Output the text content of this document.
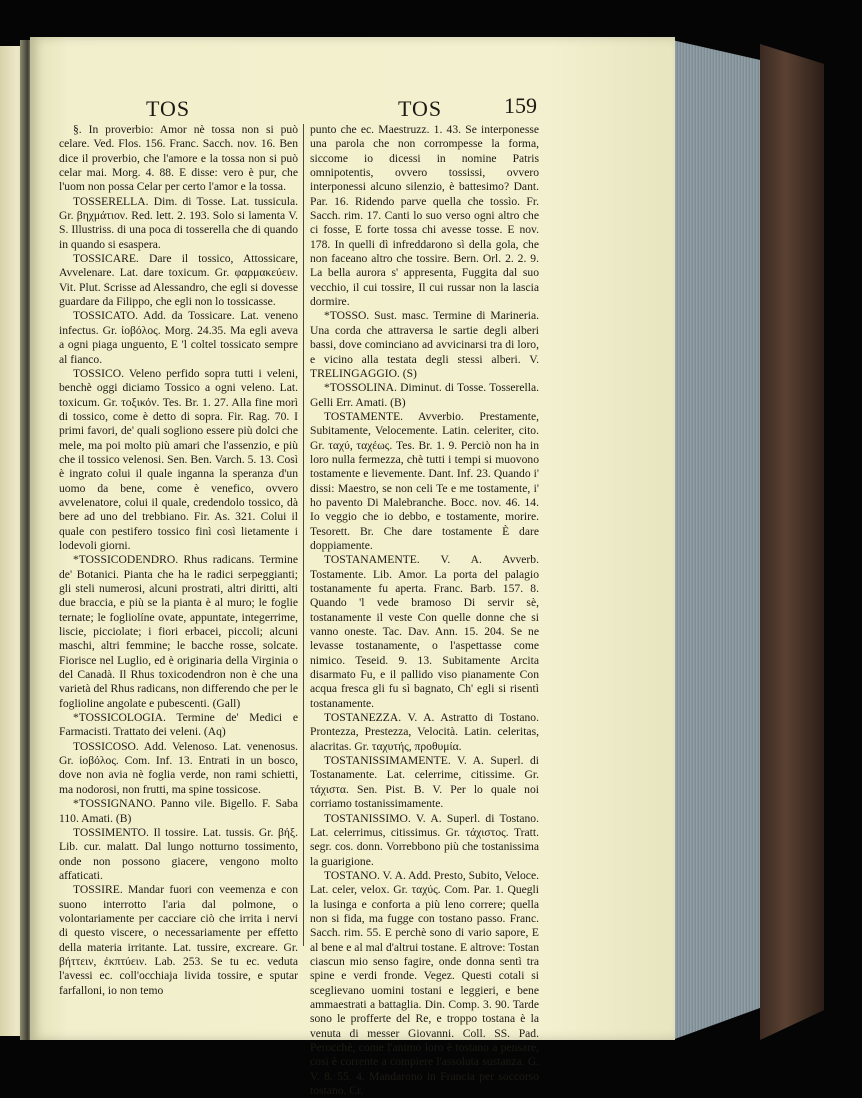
TOS	TOS	159

§. In proverbio: Amor nè tossa non si può celare. Ved. Flos. 156. Franc. Sacch. nov. 16. Ben dice il proverbio, che l'amore e la tossa non si può celar mai. Morg. 4. 88. E disse: vero è pur, che l'uom non possa Celar per certo l'amor e la tossa.

TOSSERELLA. Dim. di Tosse. Lat. tussicula. Gr. βηχμάτιον. Red. lett. 2. 193. Solo si lamenta V. S. Illustriss. di una poca di tosserella che di quando in quando si esaspera.

TOSSICARE. Dare il tossico, Attossicare, Avvelenare. Lat. dare toxicum. Gr. φαρμακεύειν. Vit. Plut. Scrisse ad Alessandro, che egli si dovesse guardare da Filippo, che egli non lo tossicasse.

TOSSICATO. Add. da Tossicare. Lat. veneno infectus. Gr. ἰοβόλος. Morg. 24.35. Ma egli aveva a ogni piaga unguento, E 'l coltel tossicato sempre al fianco.

TOSSICO. Veleno perfido sopra tutti i veleni, benchè oggi diciamo Tossico a ogni veleno. Lat. toxicum. Gr. τοξικόν. Tes. Br. 1. 27. Alla fine morì di tossico, come è detto di sopra. Fir. Rag. 70. I primi favori, de' quali sogliono essere più dolci che mele, ma poi molto più amari che l'assenzio, e più che il tossico velenosi. Sen. Ben. Varch. 5. 13. Così è ingrato colui il quale inganna la speranza d'un uomo da bene, come è venefico, ovvero avvelenatore, colui il quale, credendolo tossico, dà bere ad uno del trebbiano. Fir. As. 321. Colui il quale con pestifero tossico finì così lietamente i lodevoli giorni.

*TOSSICODENDRO. Rhus radicans. Termine de' Botanici. Pianta che ha le radici serpeggianti; gli steli numerosi, alcuni prostrati, altri diritti, alti due braccia, e più se la pianta è al muro; le foglie ternate; le fogliolíne ovate, appuntate, integerrime, liscie, picciolate; i fiori erbacei, piccoli; alcuni maschi, altri femmine; le bacche rosse, solcate. Fiorisce nel Luglio, ed è originaria della Virginia o del Canadà. Il Rhus toxicodendron non è che una varietà del Rhus radicans, non differendo che per le foglioline angolate e pubescenti. (Gall)

*TOSSICOLOGIA. Termine de' Medici e Farmacisti. Trattato dei veleni. (Aq)

TOSSICOSO. Add. Velenoso. Lat. venenosus. Gr. ἰοβόλος. Com. Inf. 13. Entrati in un bosco, dove non avia nè foglia verde, non rami schietti, ma nodorosi, non frutti, ma spine tossicose.

*TOSSIGNANO. Panno vile. Bigello. F. Saba 110. Amati. (B)

TOSSIMENTO. Il tossire. Lat. tussis. Gr. βήξ. Lib. cur. malatt. Dal lungo notturno tossimento, onde non possono giacere, vengono molto affaticati.

TOSSIRE. Mandar fuori con veemenza e con suono interrotto l'aria dal polmone, o volontariamente per cacciare ciò che irrita i nervi di questo viscere, o necessariamente per effetto della materia irritante. Lat. tussire, excreare. Gr. βήττειν, ἐκπτύειν. Lab. 253. Se tu ec. veduta l'avessi ec. coll'occhiaja livida tossire, e sputar farfalloni, io non temo

punto che ec. Maestruzz. 1. 43. Se interponesse una parola che non corrompesse la forma, siccome io dicessi in nomine Patris omnipotentis, ovvero tossissi, ovvero interponessi alcuno silenzio, è battesimo? Dant. Par. 16. Ridendo parve quella che tossìo. Fr. Sacch. rim. 17. Canti lo suo verso ogni altro che ci fosse, E forte tossa chi avesse tosse. E nov. 178. In quelli dì infreddarono sì della gola, che non faceano altro che tossire. Bern. Orl. 2. 2. 9. La bella aurora s' appresenta, Fuggita dal suo vecchio, il cui tossire, Il cui russar non la lascia dormire.

*TOSSO. Sust. masc. Termine di Marineria. Una corda che attraversa le sartie degli alberi bassi, dove cominciano ad avvicinarsi tra di loro, e vicino alla testata degli stessi alberi. V. TRELINGAGGIO. (S)

*TOSSOLINA. Diminut. di Tosse. Tosserella. Gelli Err. Amati. (B)

TOSTAMENTE. Avverbio. Prestamente, Subitamente, Velocemente. Latin. celeriter, cito. Gr. ταχύ, ταχέως. Tes. Br. 1. 9. Perciò non ha in loro nulla fermezza, chè tutti i tempi si muovono tostamente e lievemente. Dant. Inf. 23. Quando i' dissi: Maestro, se non celi Te e me tostamente, i' ho pavento Di Malebranche. Bocc. nov. 46. 14. Io veggio che io debbo, e tostamente, morire. Tesorett. Br. Che dare tostamente È dare doppiamente.

TOSTANAMENTE. V. A. Avverb. Tostamente. Lib. Amor. La porta del palagio tostanamente fu aperta. Franc. Barb. 157. 8. Quando 'l vede bramoso Di servir sè, tostanamente il veste Con quelle donne che si vanno oneste. Tac. Dav. Ann. 15. 204. Se ne levasse tostanamente, o l'aspettasse come nimico. Teseid. 9. 13. Subitamente Arcita disarmato Fu, e il pallido viso pianamente Con acqua fresca gli fu sì bagnato, Ch' egli si risentì tostanamente.

TOSTANEZZA. V. A. Astratto di Tostano. Prontezza, Prestezza, Velocità. Latin. celeritas, alacritas. Gr. ταχυτής, προθυμία.

TOSTANISSIMAMENTE. V. A. Superl. di Tostanamente. Lat. celerrime, citissime. Gr. τάχιστα. Sen. Pist. B. V. Per lo quale noi corriamo tostanissimamente.

TOSTANISSIMO. V. A. Superl. di Tostano. Lat. celerrimus, citissimus. Gr. τάχιστος. Tratt. segr. cos. donn. Vorrebbono più che tostanissima la guarigione.

TOSTANO. V. A. Add. Presto, Subito, Veloce. Lat. celer, velox. Gr. ταχύς. Com. Par. 1. Quegli la lusinga e conforta a più leno correre; quella non si fida, ma fugge con tostano passo. Franc. Sacch. rim. 55. E perchè sono di vario sapore, E al bene e al mal d'altrui tostane. E altrove: Tostan ciascun mio senso fagire, onde donna sentì tra spine e verdi fronde. Vegez. Questi cotali si sceglievano uomini tostani e leggieri, e bene ammaestrati a battaglia. Din. Comp. 3. 90. Tarde sono le profferte del Re, e troppo tostana è la venuta di messer Giovanni. Coll. SS. Pad. Perocchè, come l'animo loro è tostano a pensare, così è corrente a compiere l'assoluta sustanza. G. V. 8. 55. 4. Mandarono in Francia per soccorso tostano. Cr.
